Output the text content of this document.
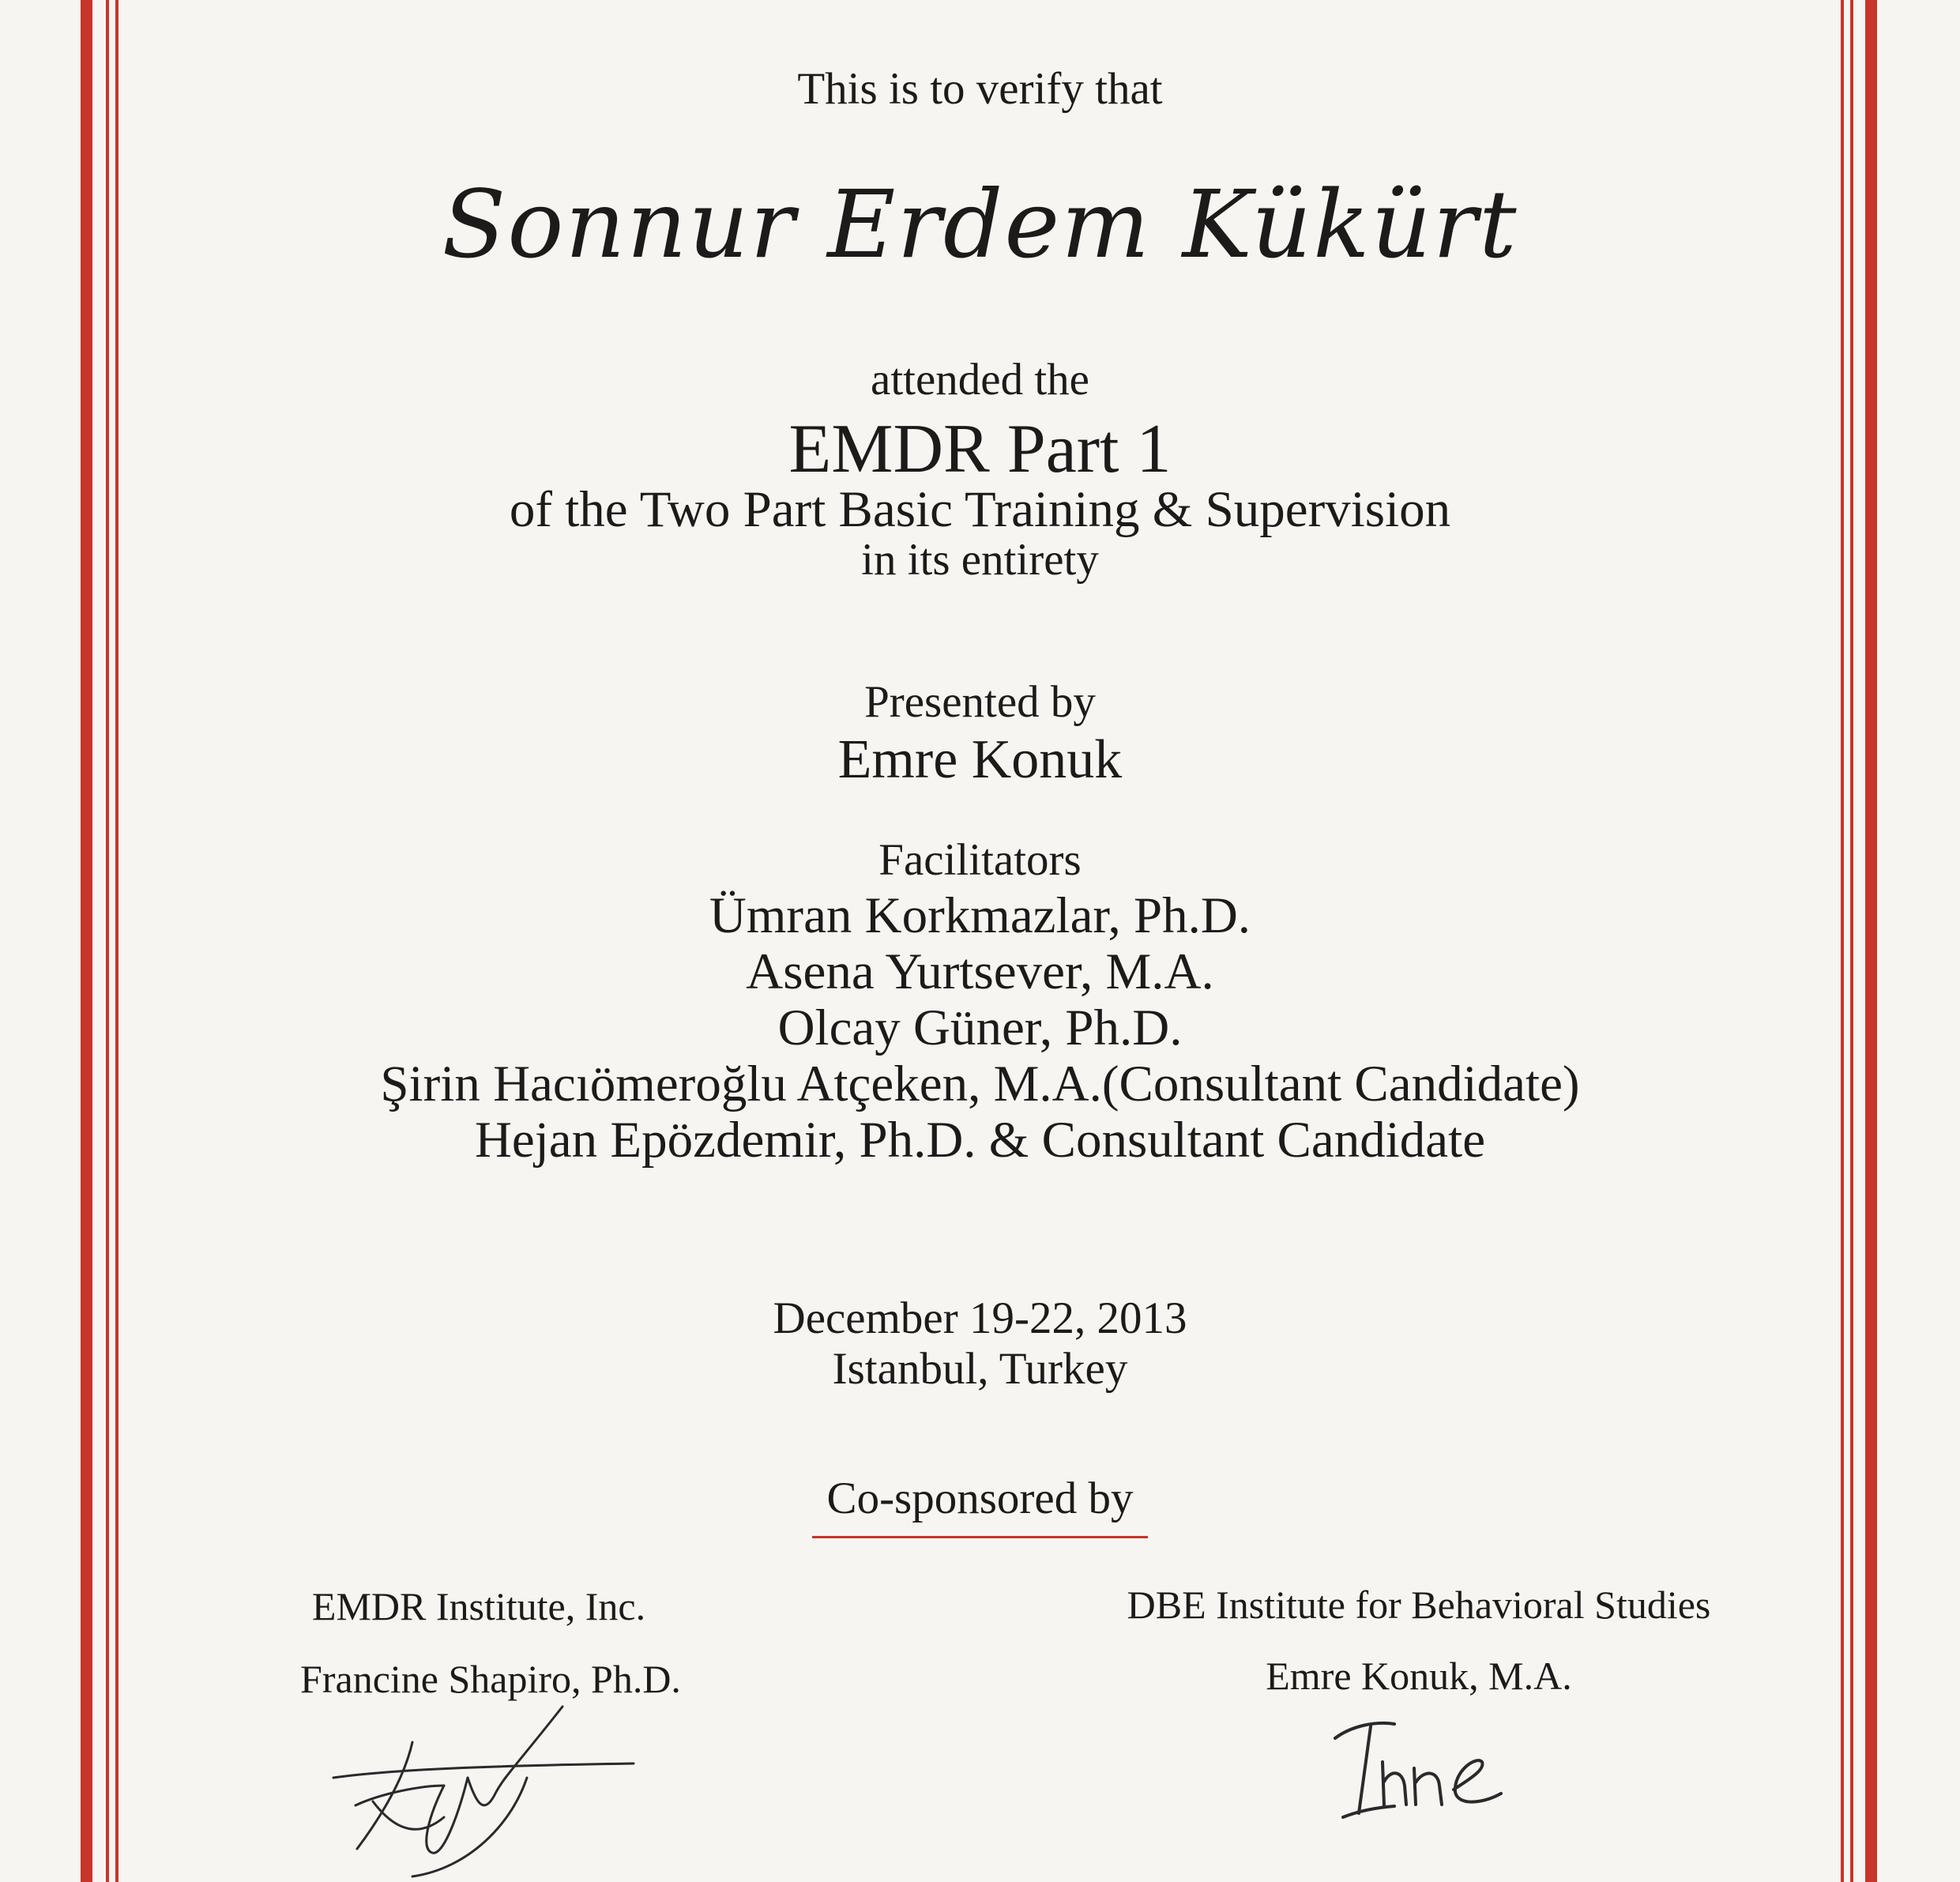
This is to verify that
Sonnur Erdem Kükürt
attended the
EMDR Part 1
of the Two Part Basic Training & Supervision
in its entirety
Presented by
Emre Konuk
Facilitators
Ümran Korkmazlar, Ph.D.
Asena Yurtsever, M.A.
Olcay Güner, Ph.D.
Şirin Hacıömeroğlu Atçeken, M.A.(Consultant Candidate)
Hejan Epözdemir, Ph.D. & Consultant Candidate
December 19-22, 2013
Istanbul, Turkey
Co-sponsored by
EMDR Institute, Inc.
Francine Shapiro, Ph.D.
DBE Institute for Behavioral Studies
Emre Konuk, M.A.
